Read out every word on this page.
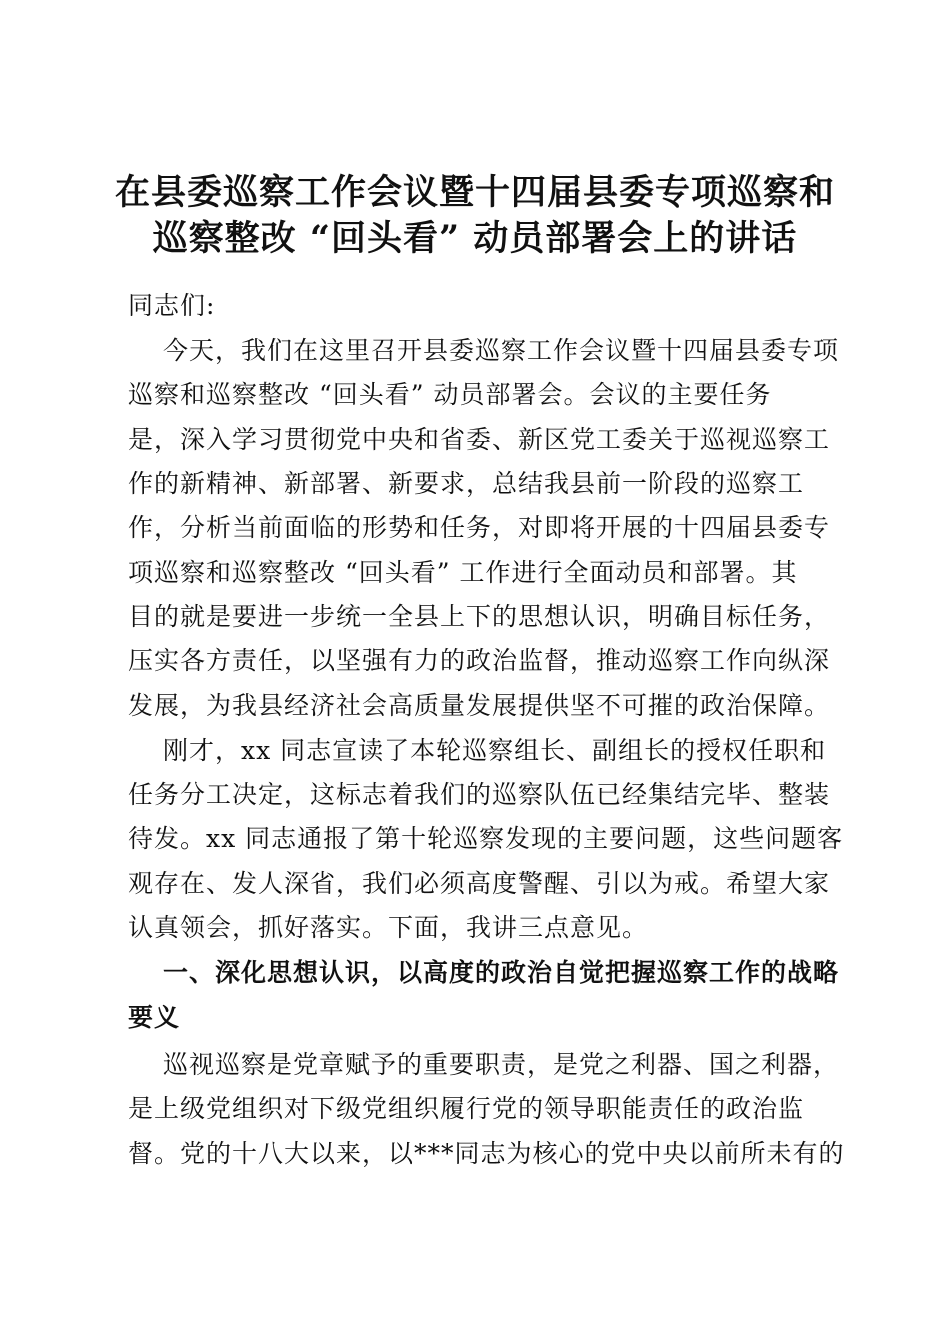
在县委巡察工作会议暨十四届县委专项巡察和
巡察整改 “回头看” 动员部署会上的讲话
同志们:
今天，我们在这里召开县委巡察工作会议暨十四届县委专项
巡察和巡察整改 “回头看” 动员部署会。会议的主要任务
是，深入学习贯彻党中央和省委、新区党工委关于巡视巡察工
作的新精神、新部署、新要求，总结我县前一阶段的巡察工
作，分析当前面临的形势和任务，对即将开展的十四届县委专
项巡察和巡察整改 “回头看” 工作进行全面动员和部署。其
目的就是要进一步统一全县上下的思想认识，明确目标任务，
压实各方责任，以坚强有力的政治监督，推动巡察工作向纵深
发展，为我县经济社会高质量发展提供坚不可摧的政治保障。
刚才，xx 同志宣读了本轮巡察组长、副组长的授权任职和
任务分工决定，这标志着我们的巡察队伍已经集结完毕、整装
待发。xx 同志通报了第十轮巡察发现的主要问题，这些问题客
观存在、发人深省，我们必须高度警醒、引以为戒。希望大家
认真领会，抓好落实。下面，我讲三点意见。
一、深化思想认识，以高度的政治自觉把握巡察工作的战略
要义
巡视巡察是党章赋予的重要职责，是党之利器、国之利器，
是上级党组织对下级党组织履行党的领导职能责任的政治监
督。党的十八大以来，以***同志为核心的党中央以前所未有的
